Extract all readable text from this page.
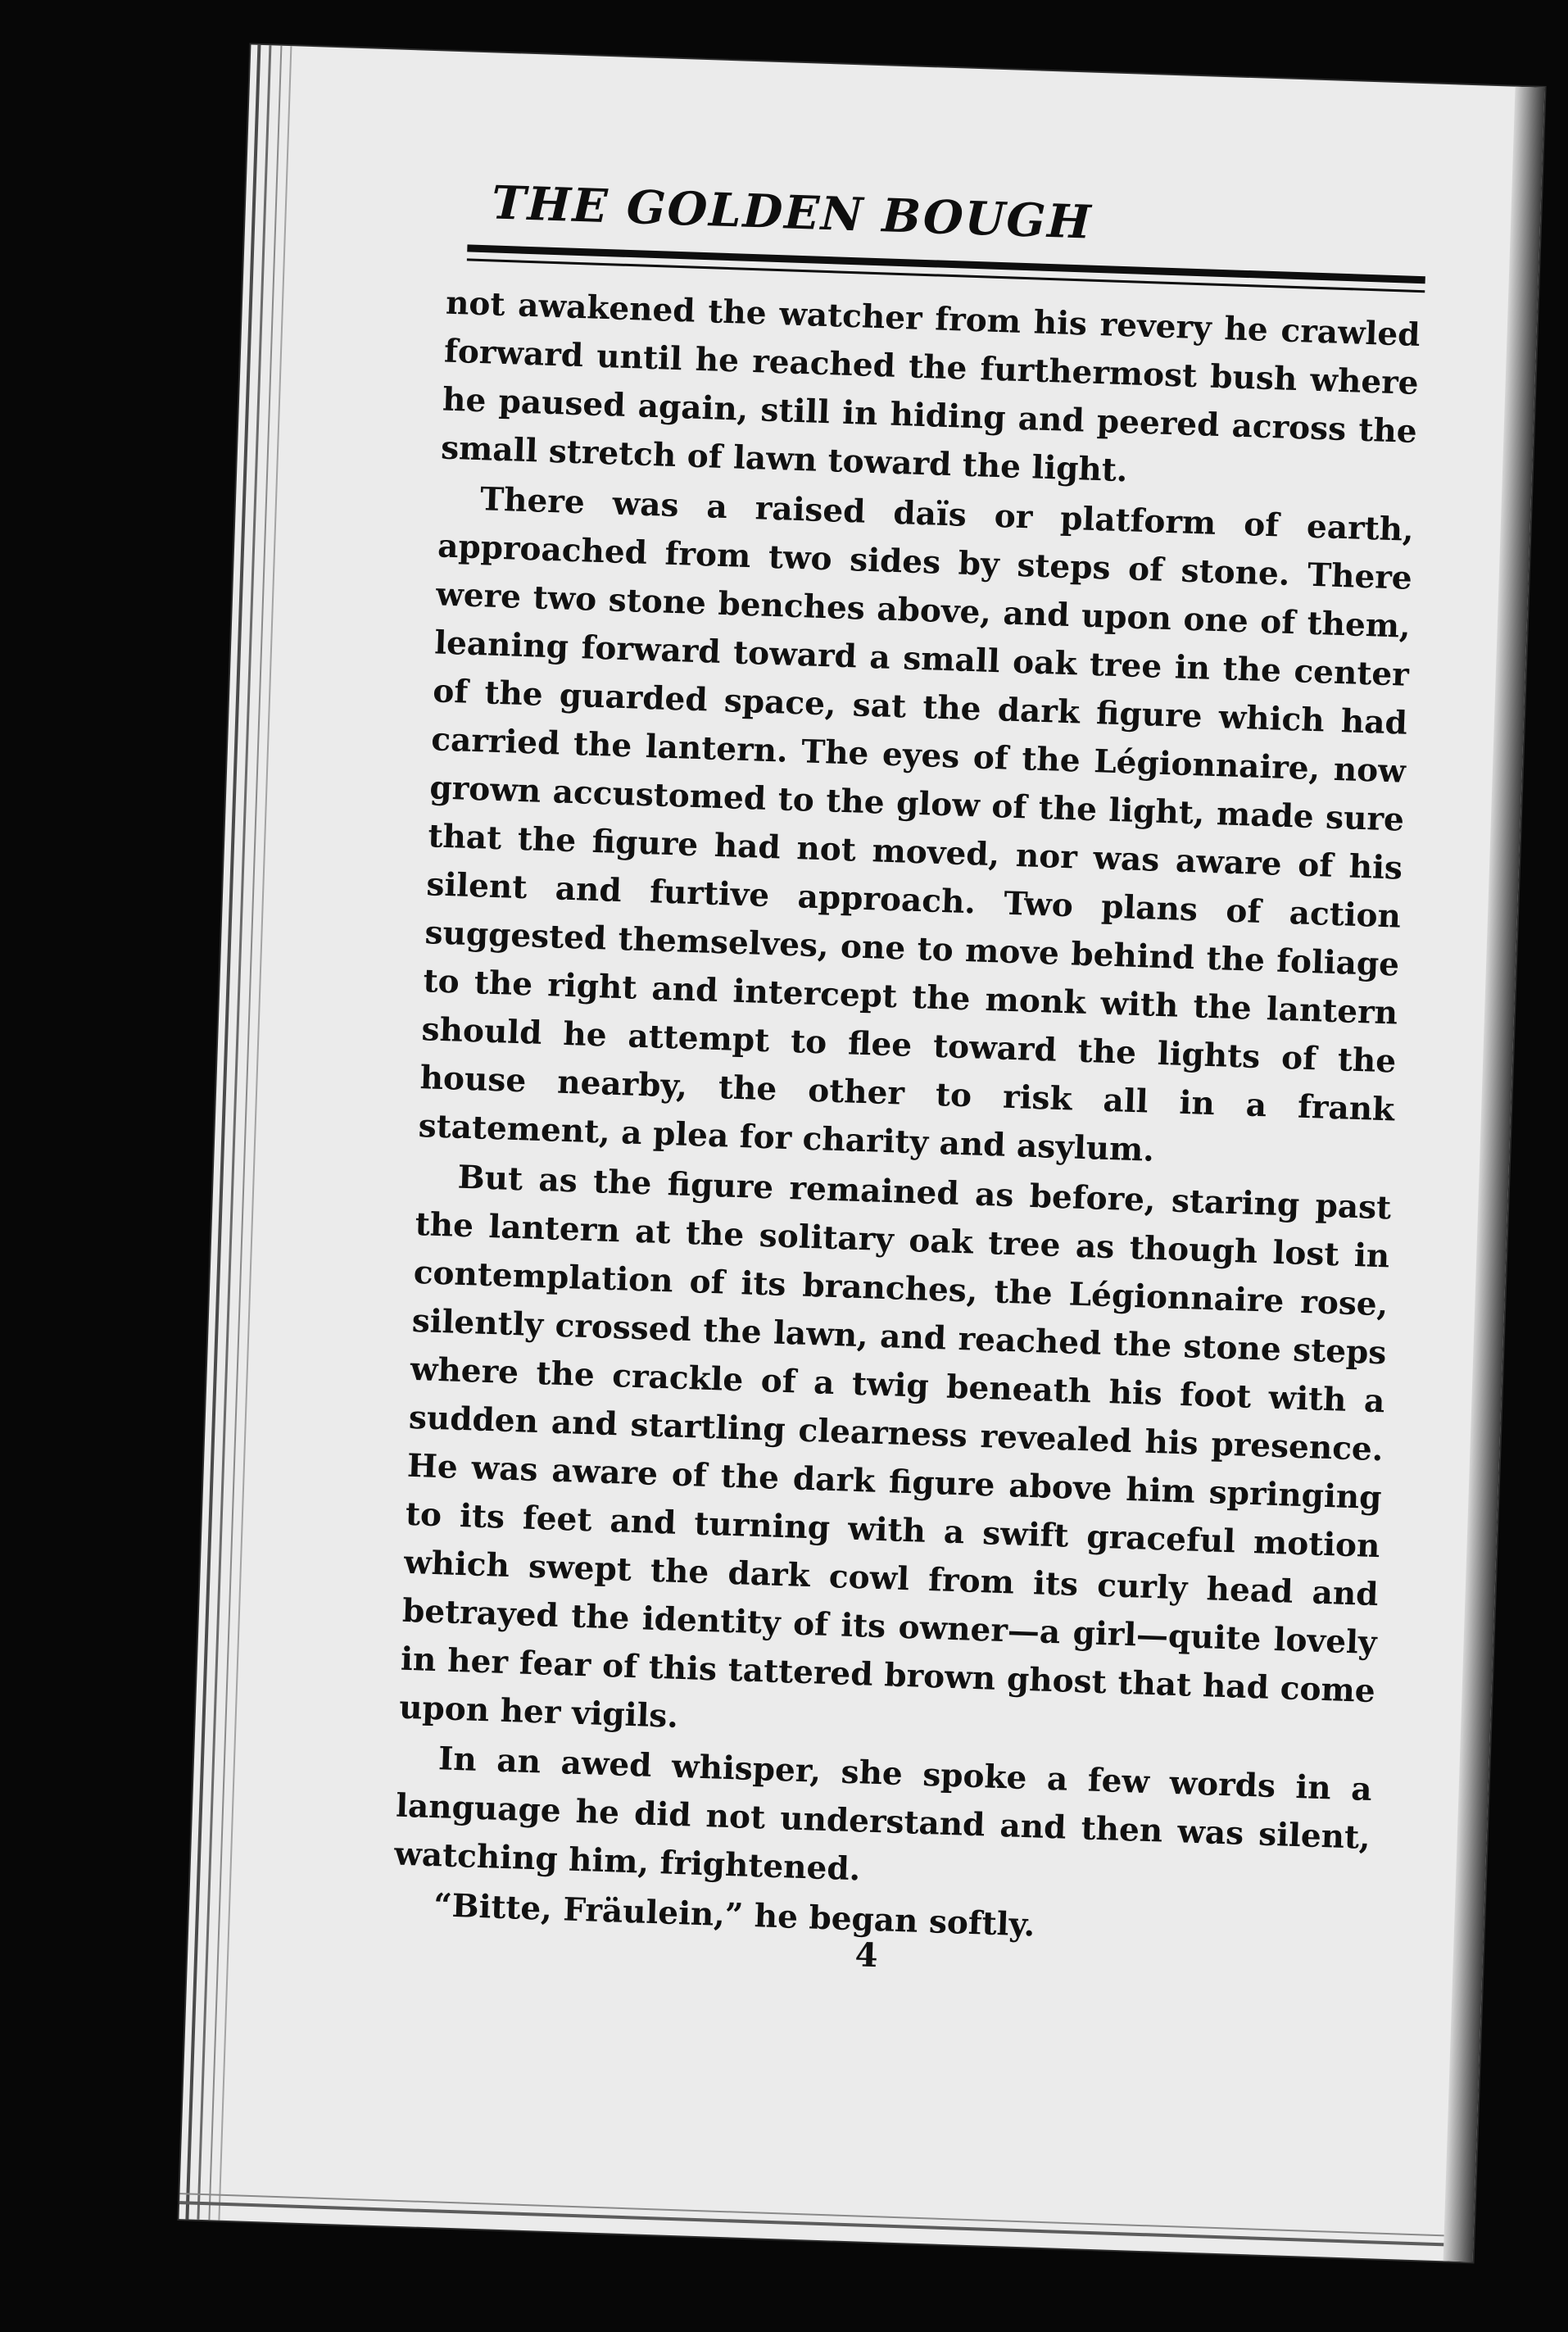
THE GOLDEN BOUGH

not awakened the watcher from his revery he crawled forward until he reached the furthermost bush where he paused again, still in hiding and peered across the small stretch of lawn toward the light.

There was a raised daïs or platform of earth, approached from two sides by steps of stone. There were two stone benches above, and upon one of them, leaning forward toward a small oak tree in the center of the guarded space, sat the dark figure which had carried the lantern. The eyes of the Légionnaire, now grown accustomed to the glow of the light, made sure that the figure had not moved, nor was aware of his silent and furtive approach. Two plans of action suggested themselves, one to move behind the foliage to the right and intercept the monk with the lantern should he attempt to flee toward the lights of the house nearby, the other to risk all in a frank statement, a plea for charity and asylum.

But as the figure remained as before, staring past the lantern at the solitary oak tree as though lost in contemplation of its branches, the Légionnaire rose, silently crossed the lawn, and reached the stone steps where the crackle of a twig beneath his foot with a sudden and startling clearness revealed his presence. He was aware of the dark figure above him springing to its feet and turning with a swift graceful motion which swept the dark cowl from its curly head and betrayed the identity of its owner—a girl—quite lovely in her fear of this tattered brown ghost that had come upon her vigils.

In an awed whisper, she spoke a few words in a language he did not understand and then was silent, watching him, frightened.

“Bitte, Fräulein,” he began softly.

4
